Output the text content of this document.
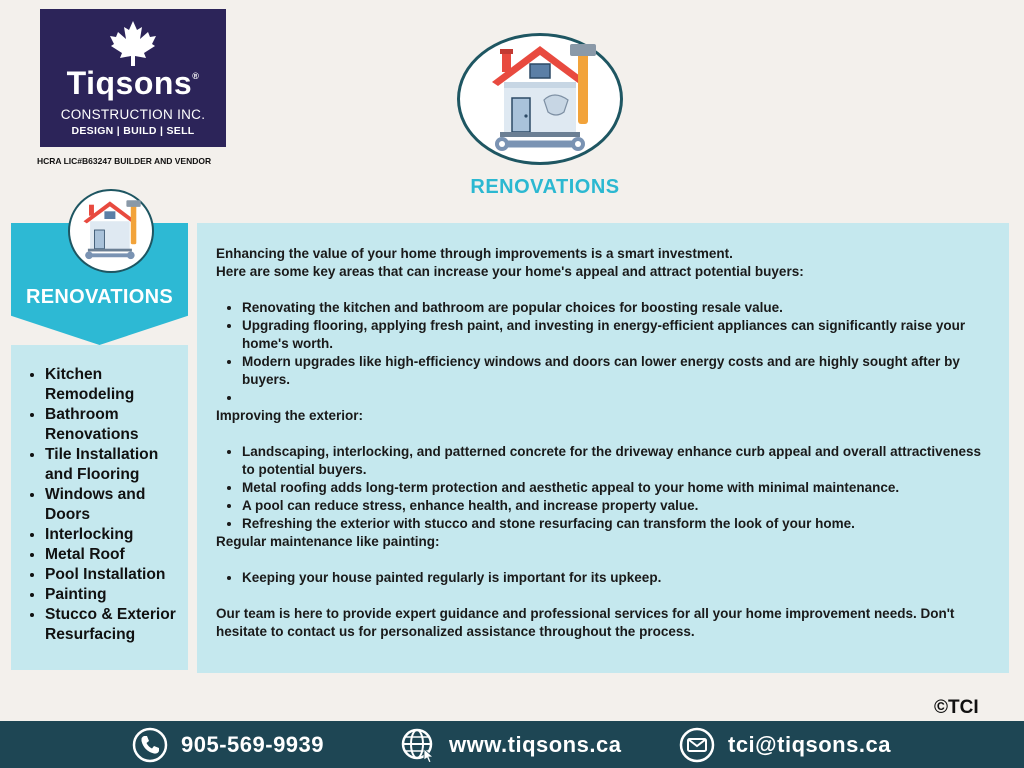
Tiqsons®
CONSTRUCTION INC.
DESIGN | BUILD | SELL
HCRA LIC#B63247 BUILDER AND VENDOR
RENOVATIONS
RENOVATIONS
• Kitchen Remodeling
• Bathroom Renovations
• Tile Installation and Flooring
• Windows and Doors
• Interlocking
• Metal Roof
• Pool Installation
• Painting
• Stucco & Exterior Resurfacing

Enhancing the value of your home through improvements is a smart investment.

Here are some key areas that can increase your home's appeal and attract potential buyers:

• Renovating the kitchen and bathroom are popular choices for boosting resale value.
• Upgrading flooring, applying fresh paint, and investing in energy-efficient appliances can significantly raise your home's worth.
• Modern upgrades like high-efficiency windows and doors can lower energy costs and are highly sought after by buyers.
•

Improving the exterior:

• Landscaping, interlocking, and patterned concrete for the driveway enhance curb appeal and overall attractiveness to potential buyers.
• Metal roofing adds long-term protection and aesthetic appeal to your home with minimal maintenance.
• A pool can reduce stress, enhance health, and increase property value.
• Refreshing the exterior with stucco and stone resurfacing can transform the look of your home.

Regular maintenance like painting:

• Keeping your house painted regularly is important for its upkeep.

Our team is here to provide expert guidance and professional services for all your home improvement needs. Don't hesitate to contact us for personalized assistance throughout the process.

©TCI
905-569-9939	www.tiqsons.ca	tci@tiqsons.ca
